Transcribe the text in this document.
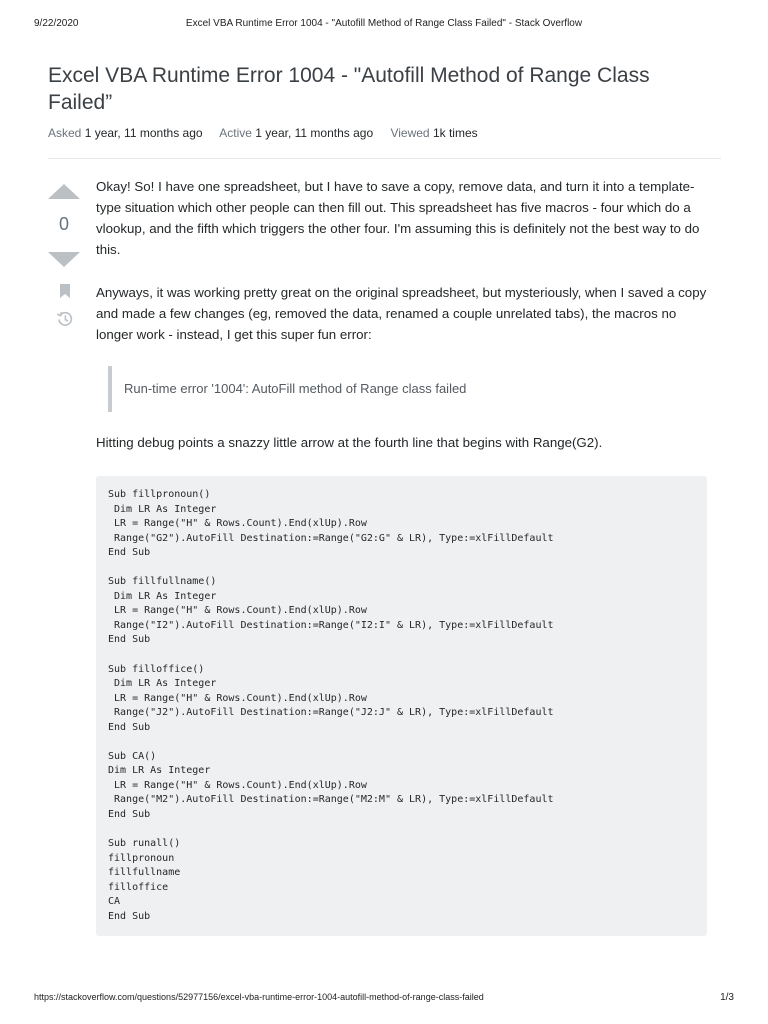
9/22/2020	Excel VBA Runtime Error 1004 - "Autofill Method of Range Class Failed" - Stack Overflow
Excel VBA Runtime Error 1004 - "Autofill Method of Range Class Failed”
Asked 1 year, 11 months ago Active 1 year, 11 months ago Viewed 1k times
0

Okay! So! I have one spreadsheet, but I have to save a copy, remove data, and turn it into a template-type situation which other people can then fill out. This spreadsheet has five macros - four which do a vlookup, and the fifth which triggers the other four. I'm assuming this is definitely not the best way to do this.

Anyways, it was working pretty great on the original spreadsheet, but mysteriously, when I saved a copy and made a few changes (eg, removed the data, renamed a couple unrelated tabs), the macros no longer work - instead, I get this super fun error:

Run-time error '1004': AutoFill method of Range class failed

Hitting debug points a snazzy little arrow at the fourth line that begins with Range(G2).

Sub fillpronoun()
Dim LR As Integer
LR = Range("H" & Rows.Count).End(xlUp).Row
Range("G2").AutoFill Destination:=Range("G2:G" & LR), Type:=xlFillDefault
End Sub

Sub fillfullname()
Dim LR As Integer
LR = Range("H" & Rows.Count).End(xlUp).Row
Range("I2").AutoFill Destination:=Range("I2:I" & LR), Type:=xlFillDefault
End Sub

Sub filloffice()
Dim LR As Integer
LR = Range("H" & Rows.Count).End(xlUp).Row
Range("J2").AutoFill Destination:=Range("J2:J" & LR), Type:=xlFillDefault
End Sub

Sub CA()
Dim LR As Integer
LR = Range("H" & Rows.Count).End(xlUp).Row
Range("M2").AutoFill Destination:=Range("M2:M" & LR), Type:=xlFillDefault
End Sub

Sub runall()
fillpronoun
fillfullname
filloffice
CA
End Sub
https://stackoverflow.com/questions/52977156/excel-vba-runtime-error-1004-autofill-method-of-range-class-failed	1/3
